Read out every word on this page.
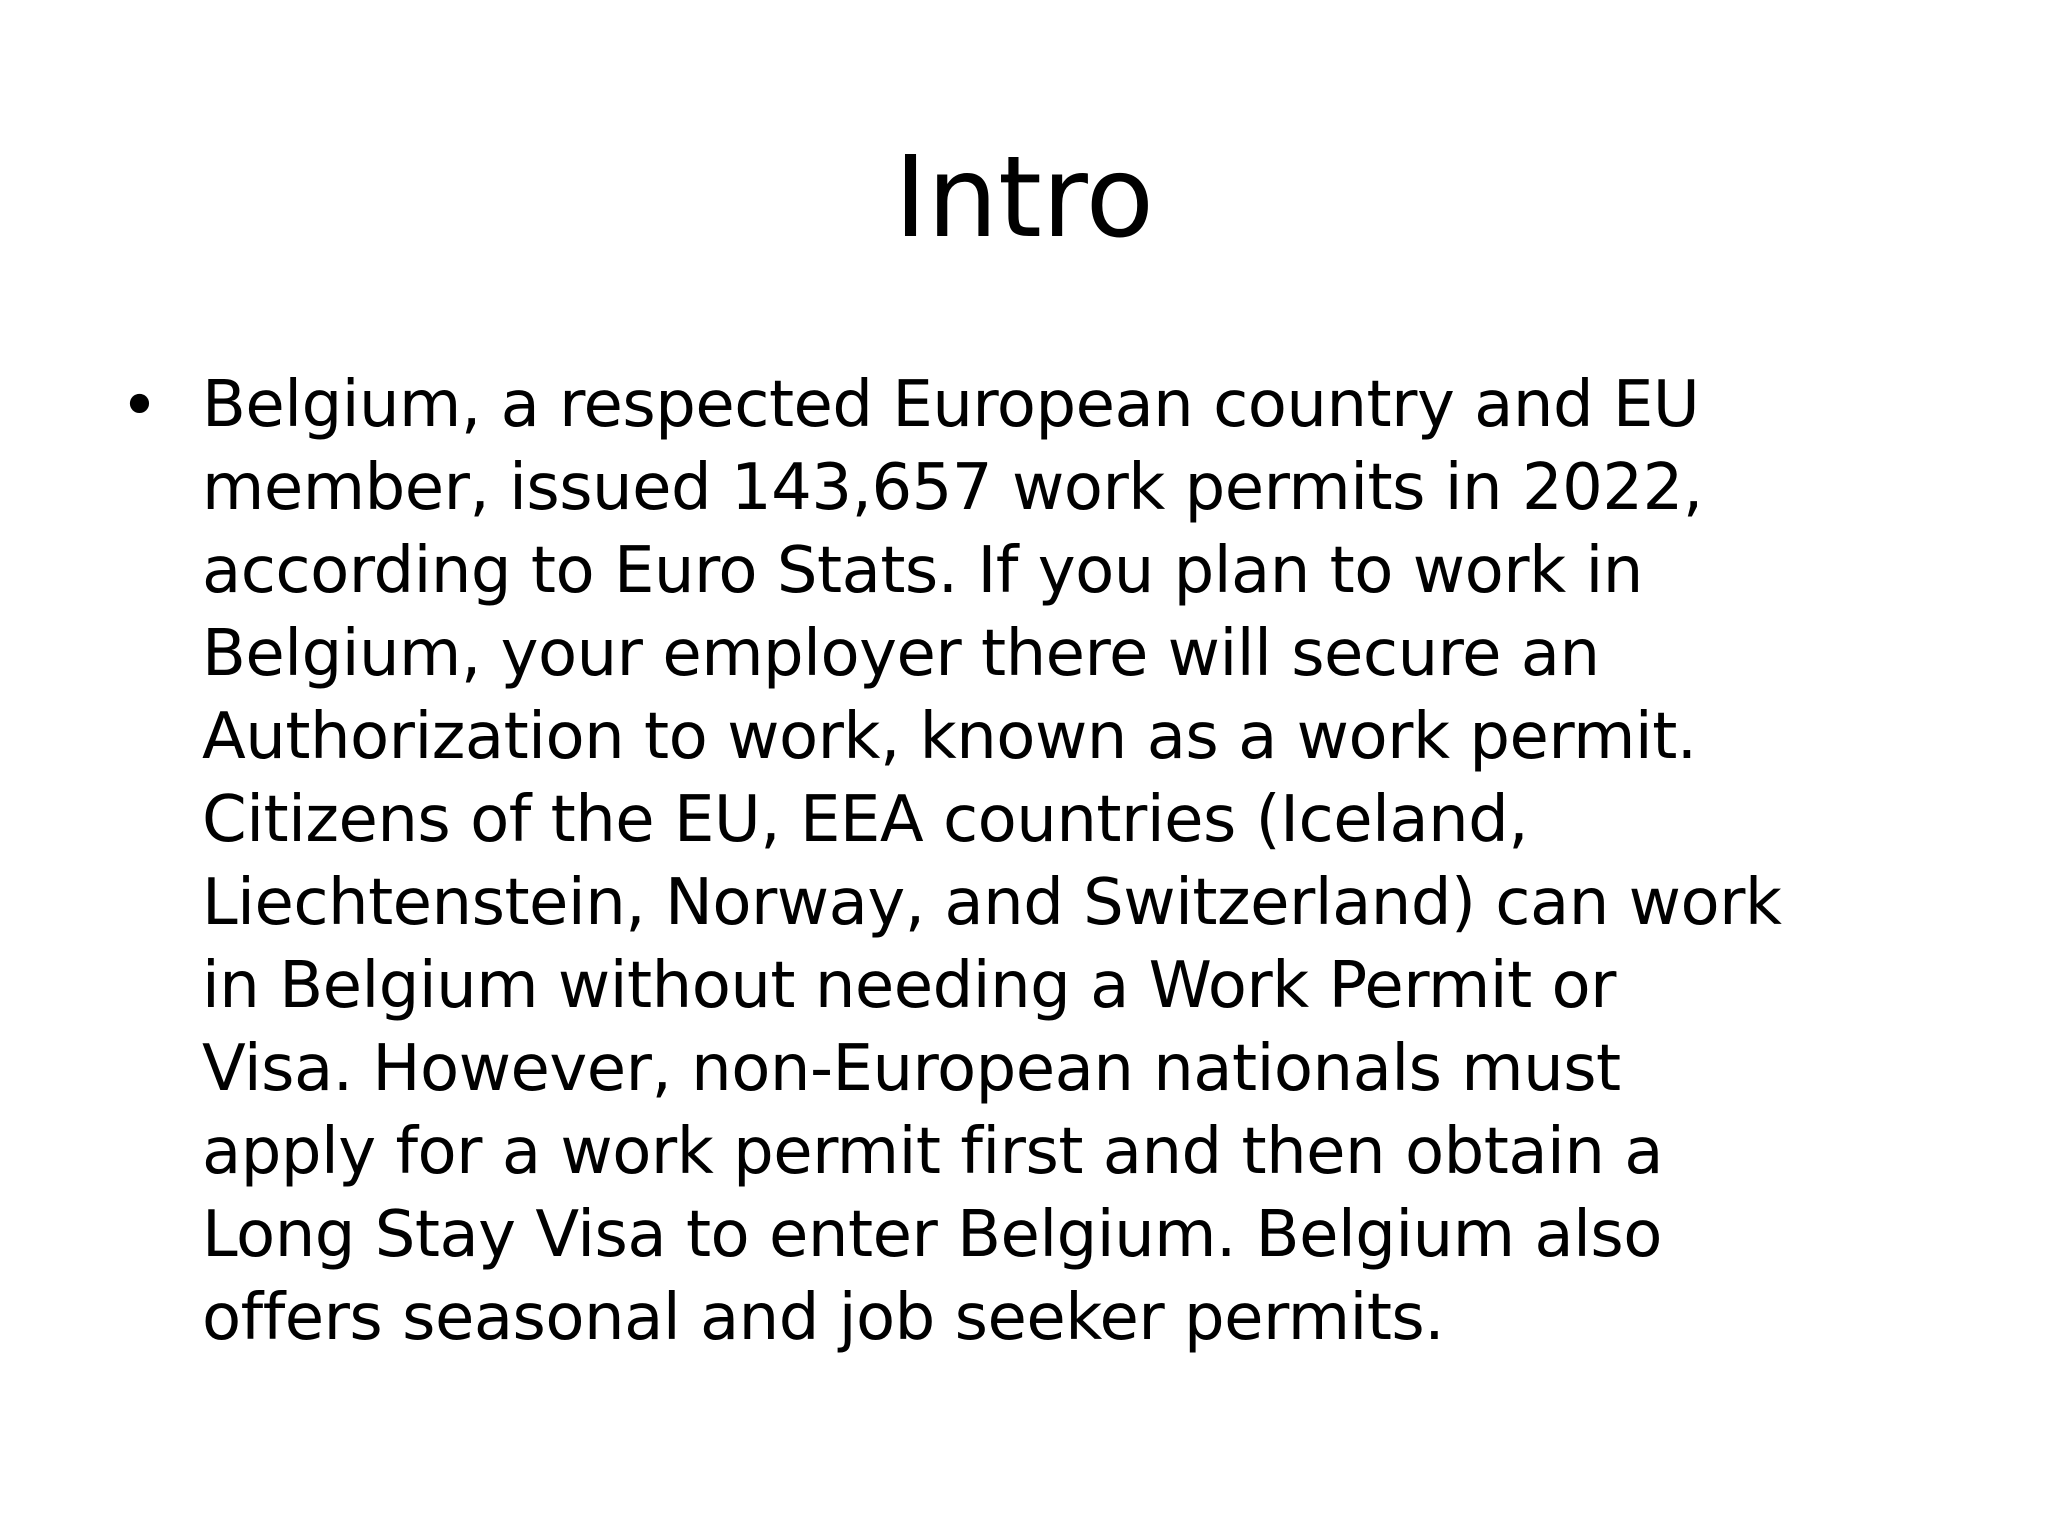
Intro
• Belgium, a respected European country and EU
member, issued 143,657 work permits in 2022,
according to Euro Stats. If you plan to work in
Belgium, your employer there will secure an
Authorization to work, known as a work permit.
Citizens of the EU, EEA countries (Iceland,
Liechtenstein, Norway, and Switzerland) can work
in Belgium without needing a Work Permit or
Visa. However, non-European nationals must
apply for a work permit first and then obtain a
Long Stay Visa to enter Belgium. Belgium also
offers seasonal and job seeker permits.
